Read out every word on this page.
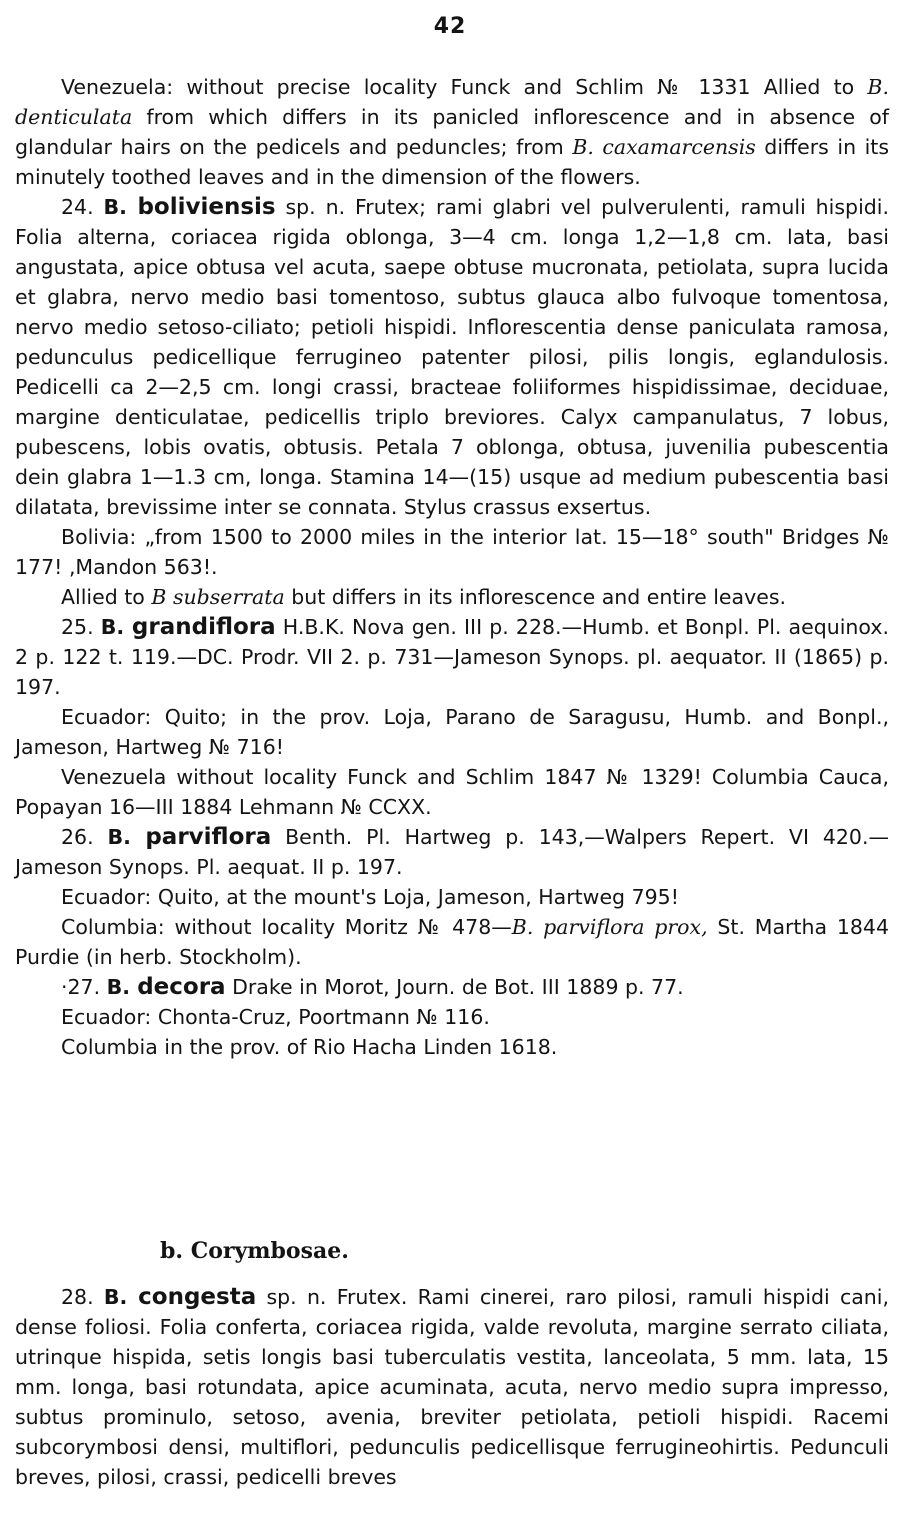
42

Venezuela: without precise locality Funck and Schlim № 1331 Allied to B. denticulata from which differs in its panicled inflorescence and in absence of glandular hairs on the pedicels and peduncles; from B. caxamarcensis differs in its minutely toothed leaves and in the dimension of the flowers.

24. B. boliviensis sp. n. Frutex; rami glabri vel pulverulenti, ramuli hispidi. Folia alterna, coriacea rigida oblonga, 3—4 cm. longa 1,2—1,8 cm. lata, basi angustata, apice obtusa vel acuta, saepe obtuse mucronata, petiolata, supra lucida et glabra, nervo medio basi tomentoso, subtus glauca albo fulvoque tomentosa, nervo medio setoso-ciliato; petioli hispidi. Inflorescentia dense paniculata ramosa, pedunculus pedicellique ferrugineo patenter pilosi, pilis longis, eglandulosis. Pedicelli ca 2—2,5 cm. longi crassi, bracteae foliiformes hispidissimae, deciduae, margine denticulatae, pedicellis triplo breviores. Calyx campanulatus, 7 lobus, pubescens, lobis ovatis, obtusis. Petala 7 oblonga, obtusa, juvenilia pubescentia dein glabra 1—1.3 cm, longa. Stamina 14—(15) usque ad medium pubescentia basi dilatata, brevissime inter se connata. Stylus crassus exsertus.

Bolivia: „from 1500 to 2000 miles in the interior lat. 15—18° south" Bridges № 177! ‚Mandon 563!.

Allied to B subserrata but differs in its inflorescence and entire leaves.

25. B. grandiflora H.B.K. Nova gen. III p. 228.—Humb. et Bonpl. Pl. aequinox. 2 p. 122 t. 119.—DC. Prodr. VII 2. p. 731—Jameson Synops. pl. aequator. II (1865) p. 197.

Ecuador: Quito; in the prov. Loja, Parano de Saragusu, Humb. and Bonpl., Jameson, Hartweg № 716!

Venezuela without locality Funck and Schlim 1847 № 1329! Columbia Cauca, Popayan 16—III 1884 Lehmann № CCXX.

26. B. parviflora Benth. Pl. Hartweg p. 143,—Walpers Repert. VI 420.—Jameson Synops. Pl. aequat. II p. 197.

Ecuador: Quito, at the mount's Loja, Jameson, Hartweg 795!

Columbia: without locality Moritz № 478—B. parviflora prox, St. Martha 1844 Purdie (in herb. Stockholm).

·27. B. decora Drake in Morot, Journ. de Bot. III 1889 p. 77.

Ecuador: Chonta-Cruz, Poortmann № 116.

Columbia in the prov. of Rio Hacha Linden 1618.

b. Corymbosae.

28. B. congesta sp. n. Frutex. Rami cinerei, raro pilosi, ramuli hispidi cani, dense foliosi. Folia conferta, coriacea rigida, valde revoluta, margine serrato ciliata, utrinque hispida, setis longis basi tuberculatis vestita, lanceolata, 5 mm. lata, 15 mm. longa, basi rotundata, apice acuminata, acuta, nervo medio supra impresso, subtus prominulo, setoso, avenia, breviter petiolata, petioli hispidi. Racemi subcorymbosi densi, multiflori, pedunculis pedicellisque ferrugineohirtis. Pedunculi breves, pilosi, crassi, pedicelli breves
